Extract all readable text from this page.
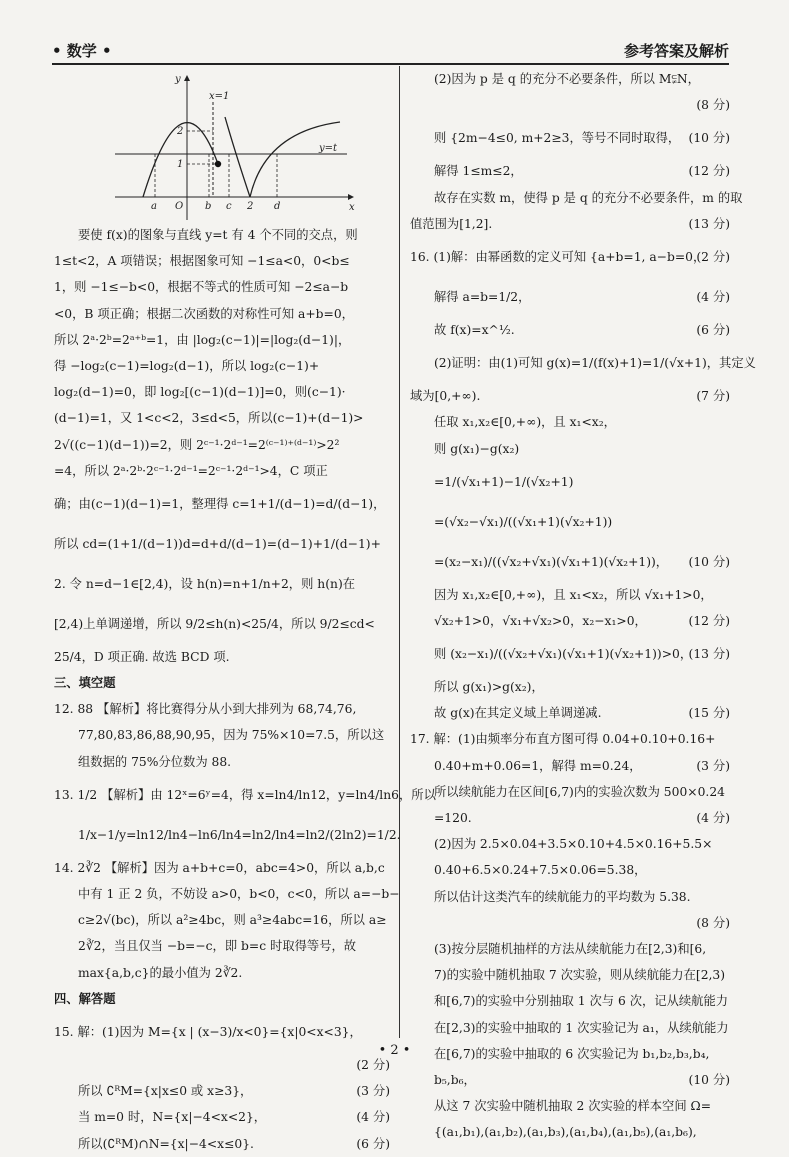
• 数学 •	参考答案及解析
y
x
x=1
y=t
2
1
a O b c 2 d
要使 f(x)的图象与直线 y=t 有 4 个不同的交点，则
1≤t<2，A 项错误；根据图象可知 −1≤a<0，0<b≤
1，则 −1≤−b<0，根据不等式的性质可知 −2≤a−b
<0，B 项正确；根据二次函数的对称性可知 a+b=0，
所以 2ᵃ·2ᵇ=2ᵃ⁺ᵇ=1，由 |log₂(c−1)|=|log₂(d−1)|，
得 −log₂(c−1)=log₂(d−1)，所以 log₂(c−1)+
log₂(d−1)=0，即 log₂[(c−1)(d−1)]=0，则(c−1)·
(d−1)=1，又 1<c<2，3≤d<5，所以(c−1)+(d−1)>
2√((c−1)(d−1))=2，则 2ᶜ⁻¹·2ᵈ⁻¹=2⁽ᶜ⁻¹⁾⁺⁽ᵈ⁻¹⁾>2²
=4，所以 2ᵃ·2ᵇ·2ᶜ⁻¹·2ᵈ⁻¹=2ᶜ⁻¹·2ᵈ⁻¹>4，C 项正
确；由(c−1)(d−1)=1，整理得 c=1+1/(d−1)=d/(d−1)，
所以 cd=(1+1/(d−1))d=d+d/(d−1)=(d−1)+1/(d−1)+
2. 令 n=d−1∈[2,4)，设 h(n)=n+1/n+2，则 h(n)在
[2,4)上单调递增，所以 9/2≤h(n)<25/4，所以 9/2≤cd<
25/4，D 项正确. 故选 BCD 项.
三、填空题
12. 88 【解析】将比赛得分从小到大排列为 68,74,76,
77,80,83,86,88,90,95，因为 75%×10=7.5，所以这
组数据的 75%分位数为 88.
13. 1/2 【解析】由 12ˣ=6ʸ=4，得 x=ln4/ln12，y=ln4/ln6，所以
1/x−1/y=ln12/ln4−ln6/ln4=ln2/ln4=ln2/(2ln2)=1/2.
14. 2∛2 【解析】因为 a+b+c=0，abc=4>0，所以 a,b,c
中有 1 正 2 负，不妨设 a>0，b<0，c<0，所以 a=−b−
c≥2√(bc)，所以 a²≥4bc，则 a³≥4abc=16，所以 a≥
2∛2，当且仅当 −b=−c，即 b=c 时取得等号，故
max{a,b,c}的最小值为 2∛2.
四、解答题
15. 解：(1)因为 M={x | (x−3)/x<0}={x|0<x<3}，
(2 分)
所以 ∁ᴿM={x|x≤0 或 x≥3}，	(3 分)
当 m=0 时，N={x|−4<x<2}，	(4 分)
所以(∁ᴿM)∩N={x|−4<x≤0}.	(6 分)
(2)因为 p 是 q 的充分不必要条件，所以 M⫋N，
(8 分)
则 {2m−4≤0, m+2≥3，等号不同时取得， (10 分)
解得 1≤m≤2，	(12 分)
故存在实数 m，使得 p 是 q 的充分不必要条件，m 的取
值范围为[1,2].	(13 分)
16. (1)解：由幂函数的定义可知 {a+b=1, a−b=0，
(2 分)
解得 a=b=1/2，	(4 分)
故 f(x)=x^½.	(6 分)
(2)证明：由(1)可知 g(x)=1/(f(x)+1)=1/(√x+1)，其定义
域为[0,+∞).	(7 分)
任取 x₁,x₂∈[0,+∞)，且 x₁<x₂，
则 g(x₁)−g(x₂)
=1/(√x₁+1)−1/(√x₂+1)
=(√x₂−√x₁)/((√x₁+1)(√x₂+1))
=(x₂−x₁)/((√x₂+√x₁)(√x₁+1)(√x₂+1))， (10 分)
因为 x₁,x₂∈[0,+∞)，且 x₁<x₂，所以 √x₁+1>0，
√x₂+1>0，√x₁+√x₂>0，x₂−x₁>0，	(12 分)
则 (x₂−x₁)/((√x₂+√x₁)(√x₁+1)(√x₂+1))>0，
(13 分)
所以 g(x₁)>g(x₂)，
故 g(x)在其定义域上单调递减.	(15 分)
17. 解：(1)由频率分布直方图可得 0.04+0.10+0.16+
0.40+m+0.06=1，解得 m=0.24，	(3 分)
所以续航能力在区间[6,7)内的实验次数为 500×0.24
=120.	(4 分)
(2)因为 2.5×0.04+3.5×0.10+4.5×0.16+5.5×
0.40+6.5×0.24+7.5×0.06=5.38，
所以估计这类汽车的续航能力的平均数为 5.38.
(8 分)
(3)按分层随机抽样的方法从续航能力在[2,3)和[6,
7)的实验中随机抽取 7 次实验，则从续航能力在[2,3)
和[6,7)的实验中分别抽取 1 次与 6 次，记从续航能力
在[2,3)的实验中抽取的 1 次实验记为 a₁，从续航能力
在[6,7)的实验中抽取的 6 次实验记为 b₁,b₂,b₃,b₄,
b₅,b₆，	(10 分)
从这 7 次实验中随机抽取 2 次实验的样本空间 Ω=
{(a₁,b₁),(a₁,b₂),(a₁,b₃),(a₁,b₄),(a₁,b₅),(a₁,b₆),
• 2 •
